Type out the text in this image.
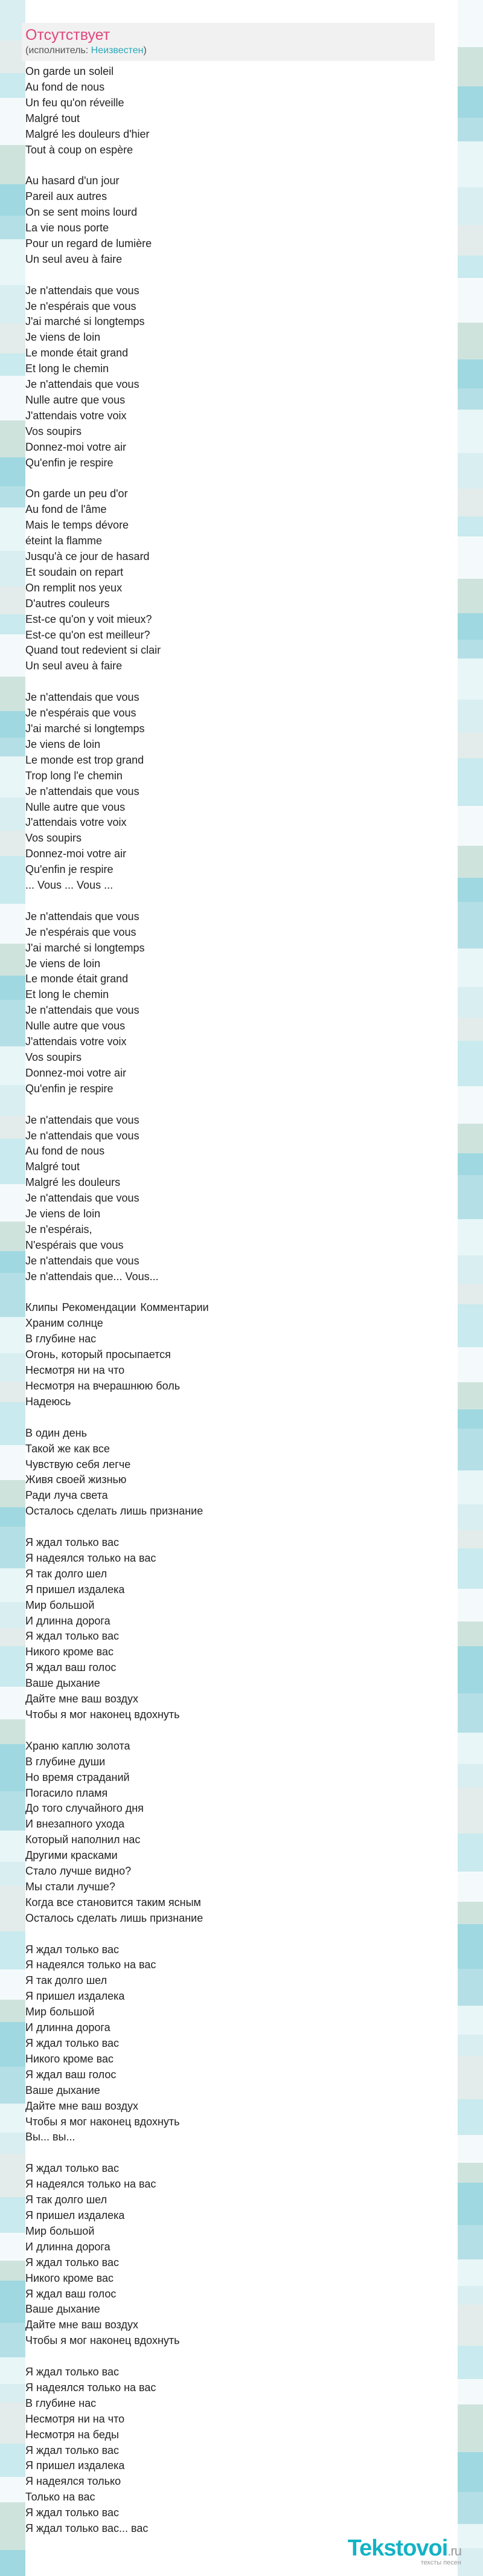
Отсутствует
(исполнитель: Неизвестен)
On garde un soleil
Au fond de nous
Un feu qu'on réveille
Malgré tout
Malgré les douleurs d'hier
Tout à coup on espère
Au hasard d'un jour
Pareil aux autres
On se sent moins lourd
La vie nous porte
Pour un regard de lumière
Un seul aveu à faire
Je n'attendais que vous
Je n'espérais que vous
J'ai marché si longtemps
Je viens de loin
Le monde était grand
Et long le chemin
Je n'attendais que vous
Nulle autre que vous
J'attendais votre voix
Vos soupirs
Donnez-moi votre air
Qu'enfin je respire
On garde un peu d'or
Au fond de l'âme
Mais le temps dévore
éteint la flamme
Jusqu'à ce jour de hasard
Et soudain on repart
On remplit nos yeux
D'autres couleurs
Est-ce qu'on y voit mieux?
Est-ce qu'on est meilleur?
Quand tout redevient si clair
Un seul aveu à faire
Je n'attendais que vous
Je n'espérais que vous
J'ai marché si longtemps
Je viens de loin
Le monde est trop grand
Trop long l'e chemin
Je n'attendais que vous
Nulle autre que vous
J'attendais votre voix
Vos soupirs
Donnez-moi votre air
Qu'enfin je respire
... Vous ... Vous ...
Je n'attendais que vous
Je n'espérais que vous
J'ai marché si longtemps
Je viens de loin
Le monde était grand
Et long le chemin
Je n'attendais que vous
Nulle autre que vous
J'attendais votre voix
Vos soupirs
Donnez-moi votre air
Qu'enfin je respire
Je n'attendais que vous
Je n'attendais que vous
Au fond de nous
Malgré tout
Malgré les douleurs
Je n'attendais que vous
Je viens de loin
Je n'espérais,
N'espérais que vous
Je n'attendais que vous
Je n'attendais que... Vous...
Клипы Рекомендации Комментарии
Храним солнце
В глубине нас
Огонь, который просыпается
Несмотря ни на что
Несмотря на вчерашнюю боль
Надеюсь
В один день
Такой же как все
Чувствую себя легче
Живя своей жизнью
Ради луча света
Осталось сделать лишь признание
Я ждал только вас
Я надеялся только на вас
Я так долго шел
Я пришел издалека
Мир большой
И длинна дорога
Я ждал только вас
Никого кроме вас
Я ждал ваш голос
Ваше дыхание
Дайте мне ваш воздух
Чтобы я мог наконец вдохнуть
Храню каплю золота
В глубине души
Но время страданий
Погасило пламя
До того случайного дня
И внезапного ухода
Который наполнил нас
Другими красками
Стало лучше видно?
Мы стали лучше?
Когда все становится таким ясным
Осталось сделать лишь признание
Я ждал только вас
Я надеялся только на вас
Я так долго шел
Я пришел издалека
Мир большой
И длинна дорога
Я ждал только вас
Никого кроме вас
Я ждал ваш голос
Ваше дыхание
Дайте мне ваш воздух
Чтобы я мог наконец вдохнуть
Вы... вы...
Я ждал только вас
Я надеялся только на вас
Я так долго шел
Я пришел издалека
Мир большой
И длинна дорога
Я ждал только вас
Никого кроме вас
Я ждал ваш голос
Ваше дыхание
Дайте мне ваш воздух
Чтобы я мог наконец вдохнуть
Я ждал только вас
Я надеялся только на вас
В глубине нас
Несмотря ни на что
Несмотря на беды
Я ждал только вас
Я пришел издалека
Я надеялся только
Только на вас
Я ждал только вас
Я ждал только вас... вас
Tekstovoi.ru
тексты песен
